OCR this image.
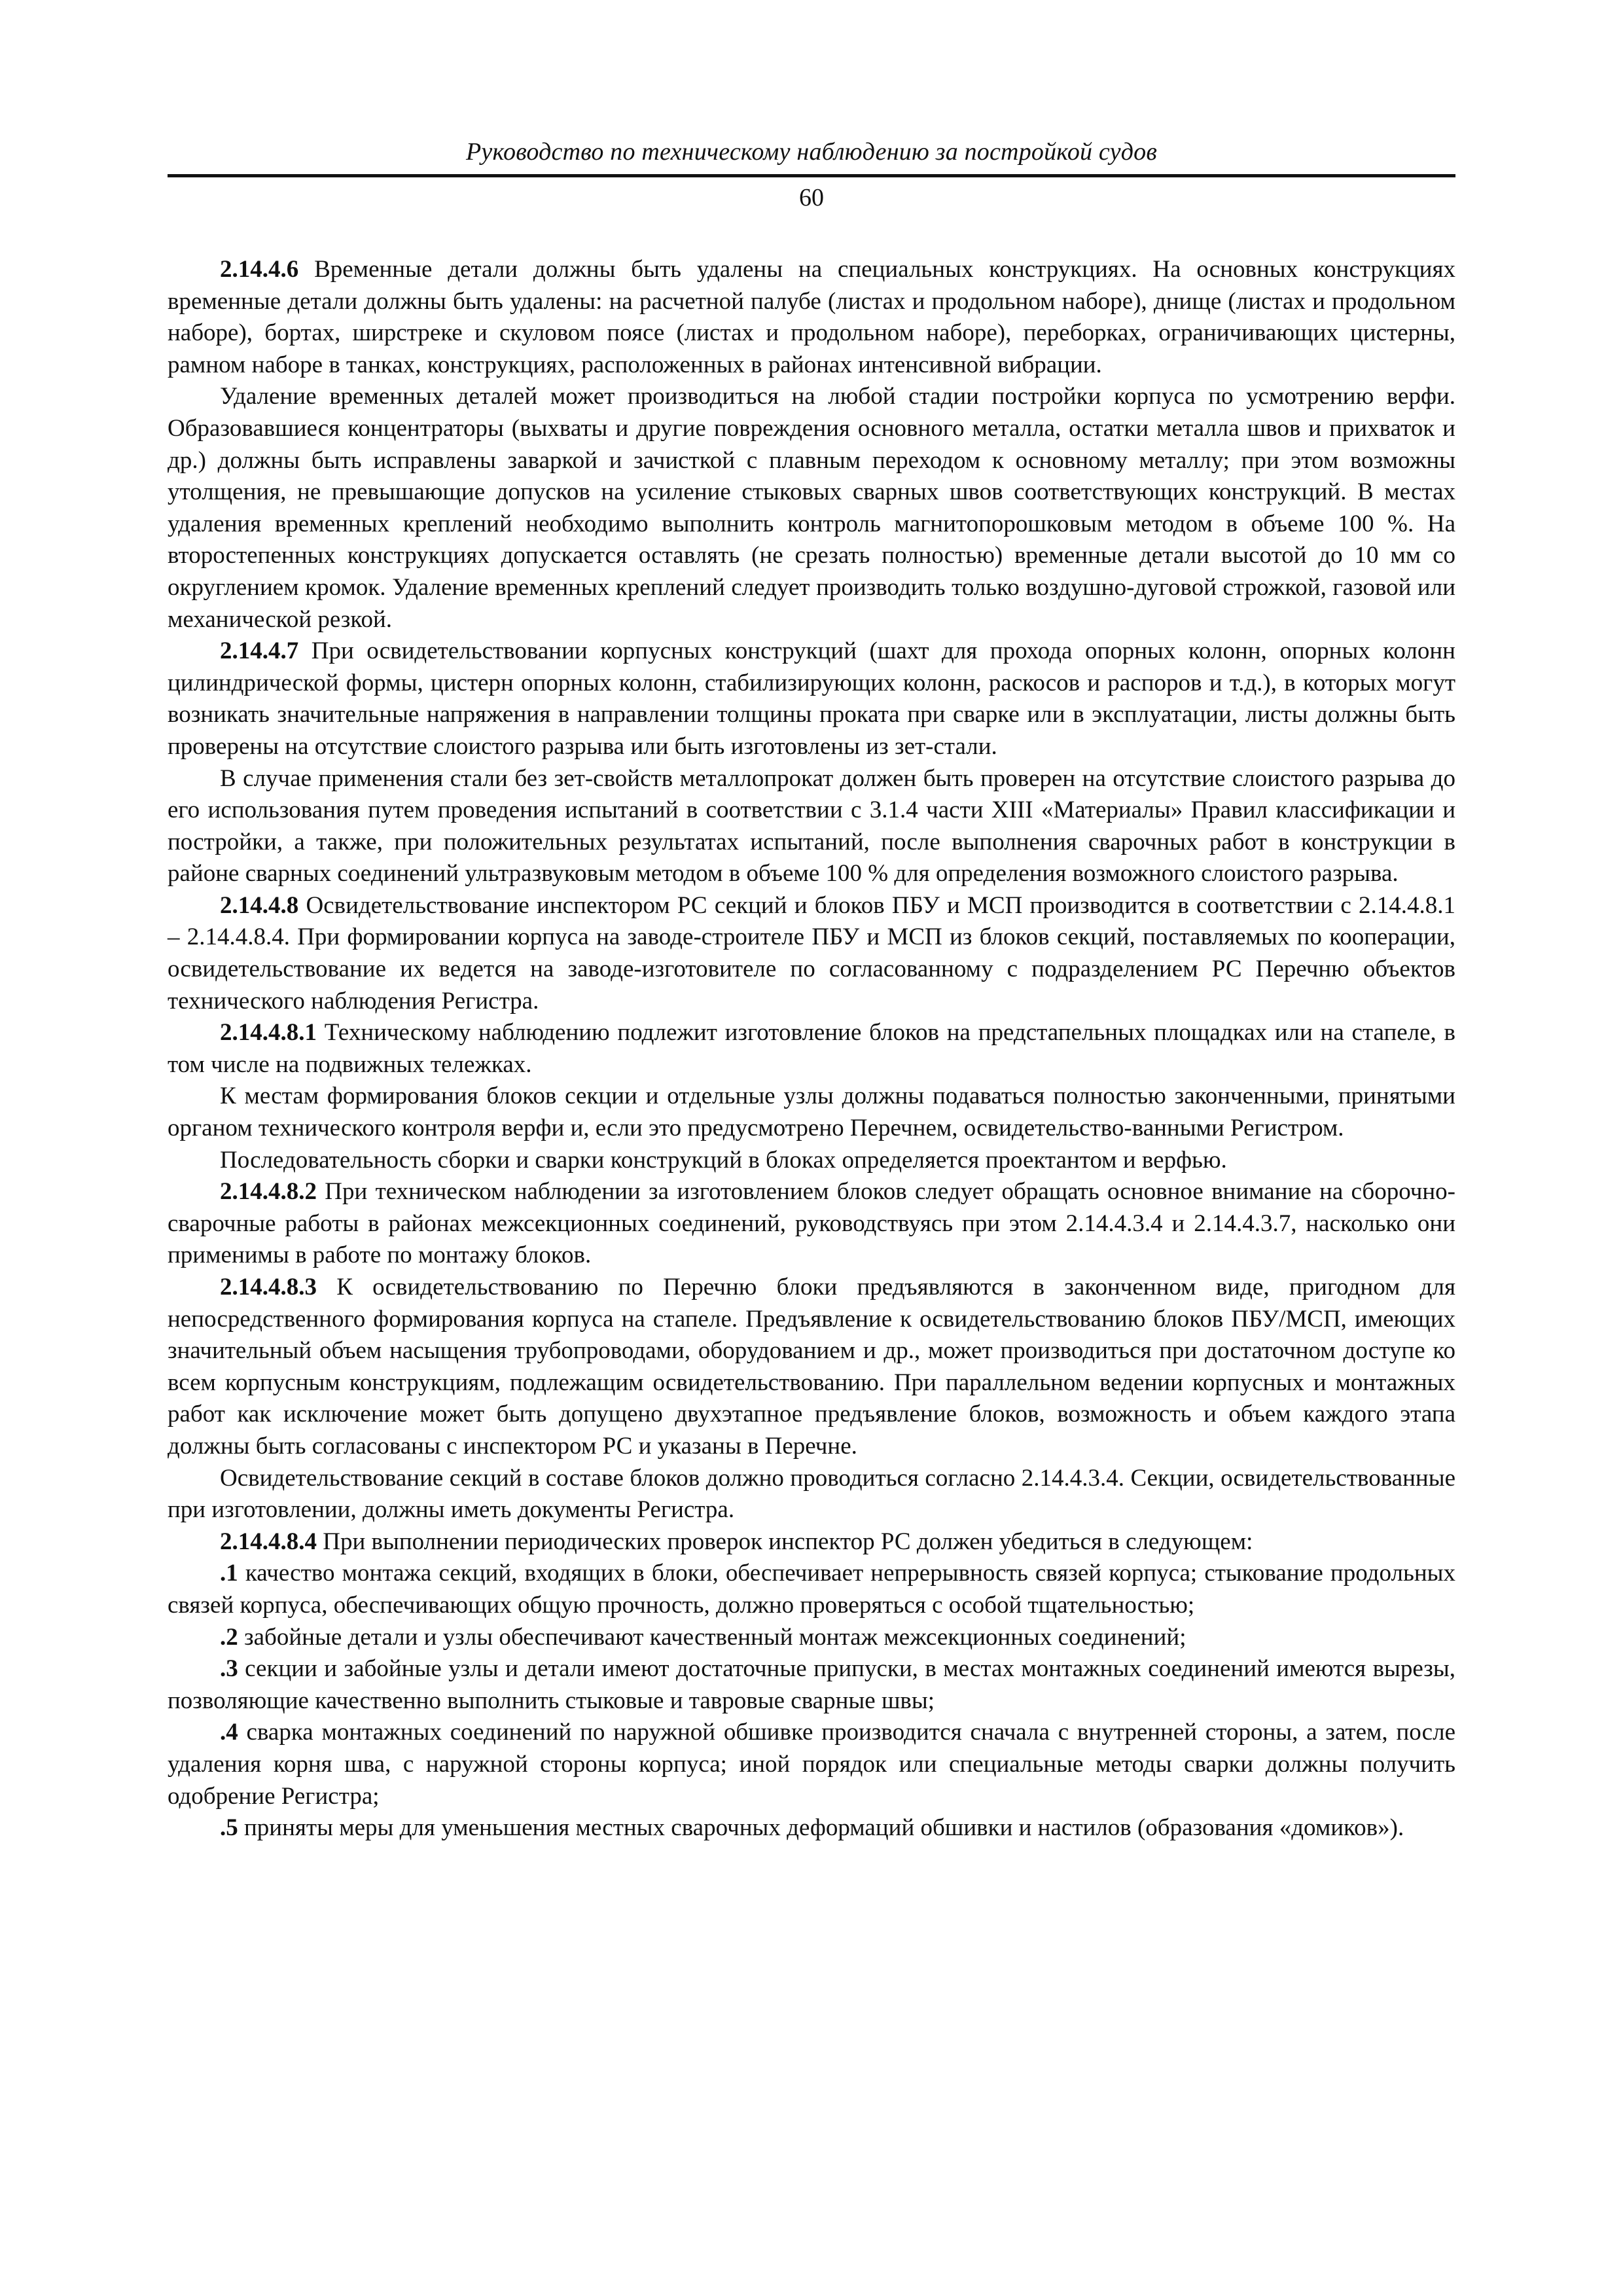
Руководство по техническому наблюдению за постройкой судов
60

2.14.4.6 Временные детали должны быть удалены на специальных конструкциях. На основных конструкциях временные детали должны быть удалены: на расчетной палубе (листах и продольном наборе), днище (листах и продольном наборе), бортах, ширстреке и скуловом поясе (листах и продольном наборе), переборках, ограничивающих цистерны, рамном наборе в танках, конструкциях, расположенных в районах интенсивной вибрации.

Удаление временных деталей может производиться на любой стадии постройки корпуса по усмотрению верфи. Образовавшиеся концентраторы (выхваты и другие повреждения основного металла, остатки металла швов и прихваток и др.) должны быть исправлены заваркой и зачисткой с плавным переходом к основному металлу; при этом возможны утолщения, не превышающие допусков на усиление стыковых сварных швов соответствующих конструкций. В местах удаления временных креплений необходимо выполнить контроль магнитопорошковым методом в объеме 100 %. На второстепенных конструкциях допускается оставлять (не срезать полностью) временные детали высотой до 10 мм со округлением кромок. Удаление временных креплений следует производить только воздушно-дуговой строжкой, газовой или механической резкой.

2.14.4.7 При освидетельствовании корпусных конструкций (шахт для прохода опорных колонн, опорных колонн цилиндрической формы, цистерн опорных колонн, стабилизирующих колонн, раскосов и распоров и т.д.), в которых могут возникать значительные напряжения в направлении толщины проката при сварке или в эксплуатации, листы должны быть проверены на отсутствие слоистого разрыва или быть изготовлены из зет-стали.

В случае применения стали без зет-свойств металлопрокат должен быть проверен на отсутствие слоистого разрыва до его использования путем проведения испытаний в соответствии с 3.1.4 части XIII «Материалы» Правил классификации и постройки, а также, при положительных результатах испытаний, после выполнения сварочных работ в конструкции в районе сварных соединений ультразвуковым методом в объеме 100 % для определения возможного слоистого разрыва.

2.14.4.8 Освидетельствование инспектором РС секций и блоков ПБУ и МСП производится в соответствии с 2.14.4.8.1 – 2.14.4.8.4. При формировании корпуса на заводе-строителе ПБУ и МСП из блоков секций, поставляемых по кооперации, освидетельствование их ведется на заводе-изготовителе по согласованному с подразделением РС Перечню объектов технического наблюдения Регистра.

2.14.4.8.1 Техническому наблюдению подлежит изготовление блоков на предстапельных площадках или на стапеле, в том числе на подвижных тележках.

К местам формирования блоков секции и отдельные узлы должны подаваться полностью законченными, принятыми органом технического контроля верфи и, если это предусмотрено Перечнем, освидетельство-ванными Регистром.

Последовательность сборки и сварки конструкций в блоках определяется проектантом и верфью.

2.14.4.8.2 При техническом наблюдении за изготовлением блоков следует обращать основное внимание на сборочно-сварочные работы в районах межсекционных соединений, руководствуясь при этом 2.14.4.3.4 и 2.14.4.3.7, насколько они применимы в работе по монтажу блоков.

2.14.4.8.3 К освидетельствованию по Перечню блоки предъявляются в законченном виде, пригодном для непосредственного формирования корпуса на стапеле. Предъявление к освидетельствованию блоков ПБУ/МСП, имеющих значительный объем насыщения трубопроводами, оборудованием и др., может производиться при достаточном доступе ко всем корпусным конструкциям, подлежащим освидетельствованию. При параллельном ведении корпусных и монтажных работ как исключение может быть допущено двухэтапное предъявление блоков, возможность и объем каждого этапа должны быть согласованы с инспектором РС и указаны в Перечне.

Освидетельствование секций в составе блоков должно проводиться согласно 2.14.4.3.4. Секции, освидетельствованные при изготовлении, должны иметь документы Регистра.

2.14.4.8.4 При выполнении периодических проверок инспектор РС должен убедиться в следующем:

.1 качество монтажа секций, входящих в блоки, обеспечивает непрерывность связей корпуса; стыкование продольных связей корпуса, обеспечивающих общую прочность, должно проверяться с особой тщательностью;

.2 забойные детали и узлы обеспечивают качественный монтаж межсекционных соединений;

.3 секции и забойные узлы и детали имеют достаточные припуски, в местах монтажных соединений имеются вырезы, позволяющие качественно выполнить стыковые и тавровые сварные швы;

.4 сварка монтажных соединений по наружной обшивке производится сначала с внутренней стороны, а затем, после удаления корня шва, с наружной стороны корпуса; иной порядок или специальные методы сварки должны получить одобрение Регистра;

.5 приняты меры для уменьшения местных сварочных деформаций обшивки и настилов (образования «домиков»).
